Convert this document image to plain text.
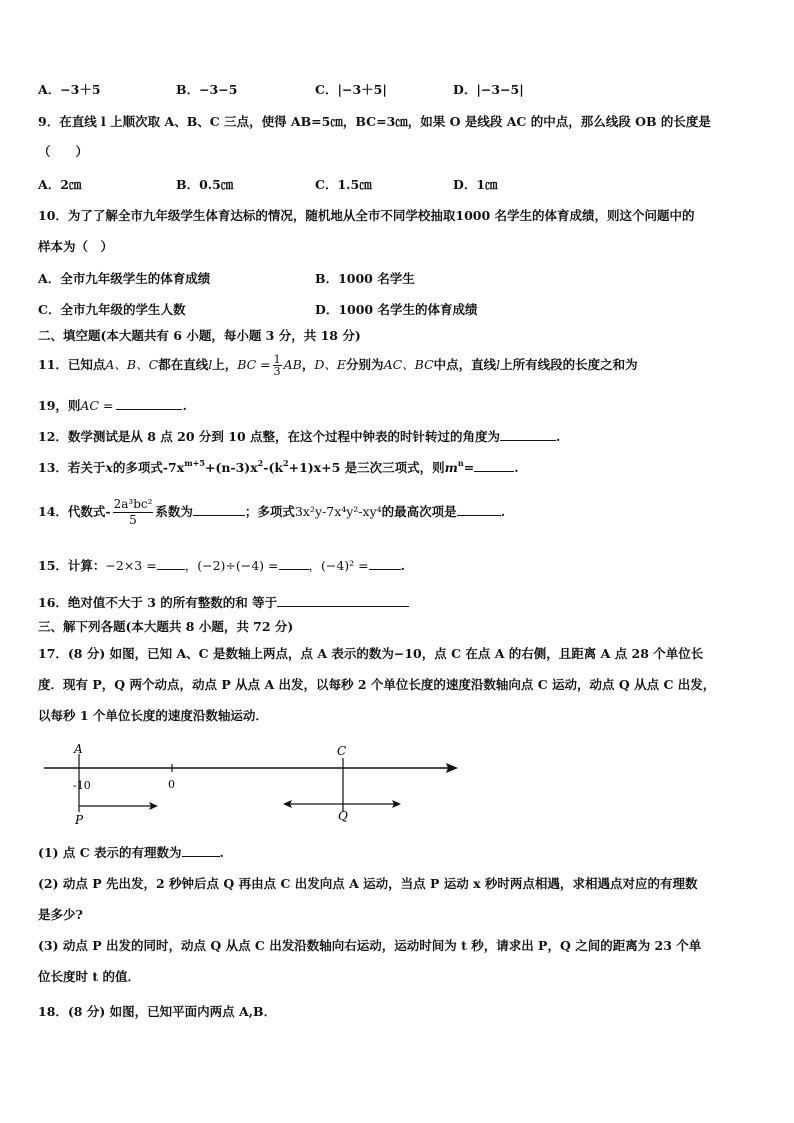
A．−3＋5	B．−3−5	C．|−3＋5|	D．|−3−5|
9．在直线 l 上顺次取 A、B、C 三点，使得 AB=5㎝，BC=3㎝，如果 O 是线段 AC 的中点，那么线段 OB 的长度是
（　　）
A．2㎝	B．0.5㎝	C．1.5㎝	D．1㎝
10．为了了解全市九年级学生体育达标的情况，随机地从全市不同学校抽取1000 名学生的体育成绩，则这个问题中的
样本为（　）
A．全市九年级学生的体育成绩	B．1000 名学生
C．全市九年级的学生人数	D．1000 名学生的体育成绩
二、填空题(本大题共有 6 小题，每小题 3 分，共 18 分)
11．已知点A、B、C都在直线l上，BC = $\frac{1}{3}$ AB，D、E分别为AC、BC中点，直线l上所有线段的长度之和为
19，则AC =	.
12．数学测试是从 8 点 20 分到 10 点整，在这个过程中钟表的时针转过的角度为	.
13．若关于x的多项式$-7x^{m+5}+(n-3)x^2-(k^2+1)x+5$ 是三次三项式，则$m^n=$	.
14．代数式- $\frac{\text{2a³bc²}}{5}$ 系数为	；多项式3x²y-7x⁴y²-xy⁴的最高次项是	.
15．计算：−2×3 = ，(−2)÷(−4) = ，(−4)² =	.
16．绝对值不大于 3 的所有整数的和 等于
三、解下列各题(本大题共 8 小题，共 72 分)
17．(8 分) 如图，已知 A、C 是数轴上两点，点 A 表示的数为−10，点 C 在点 A 的右侧，且距离 A 点 28 个单位长
度．现有 P，Q 两个动点，动点 P 从点 A 出发，以每秒 2 个单位长度的速度沿数轴向点 C 运动，动点 Q 从点 C 出发，
以每秒 1 个单位长度的速度沿数轴运动．
A
-10
P
0
C
Q
(1) 点 C 表示的有理数为	.
(2) 动点 P 先出发，2 秒钟后点 Q 再由点 C 出发向点 A 运动，当点 P 运动 x 秒时两点相遇，求相遇点对应的有理数
是多少?
(3) 动点 P 出发的同时，动点 Q 从点 C 出发沿数轴向右运动，运动时间为 t 秒，请求出 P，Q 之间的距离为 23 个单
位长度时 t 的值．
18．(8 分) 如图，已知平面内两点 A,B．
